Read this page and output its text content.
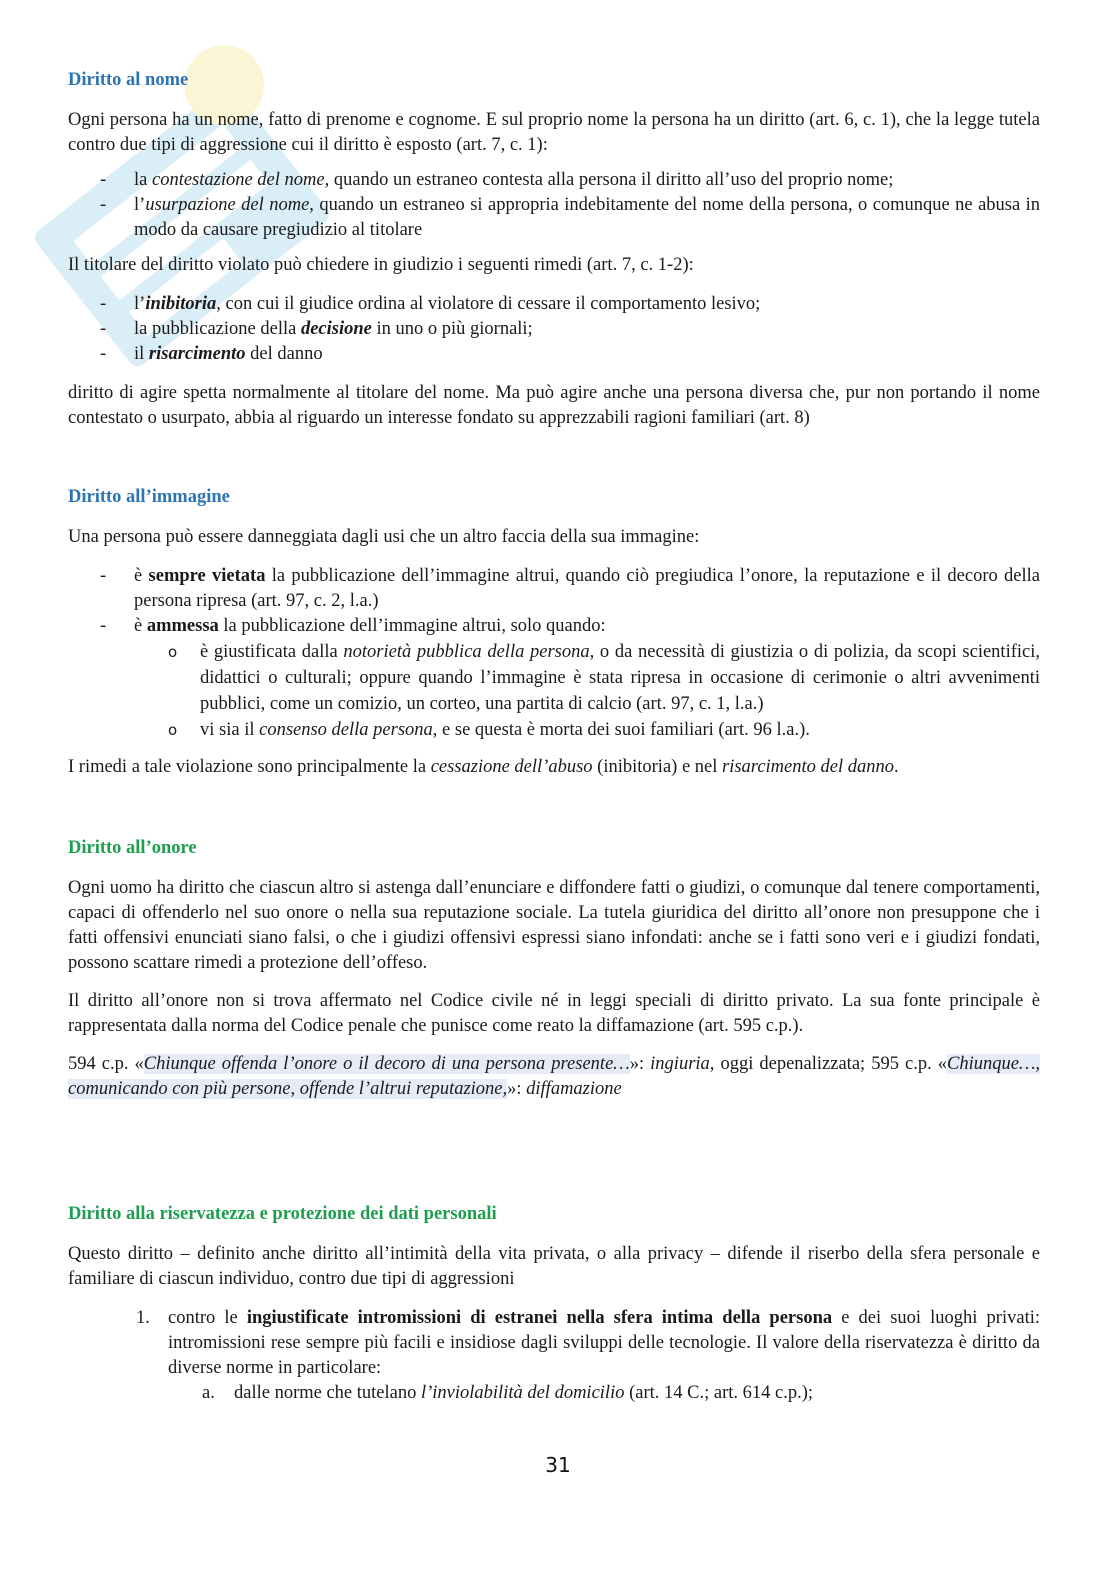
Diritto al nome

Ogni persona ha un nome, fatto di prenome e cognome. E sul proprio nome la persona ha un diritto (art. 6, c. 1), che la legge tutela contro due tipi di aggressione cui il diritto è esposto (art. 7, c. 1):

- la contestazione del nome, quando un estraneo contesta alla persona il diritto all’uso del proprio nome;
- l’usurpazione del nome, quando un estraneo si appropria indebitamente del nome della persona, o comunque ne abusa in modo da causare pregiudizio al titolare

Il titolare del diritto violato può chiedere in giudizio i seguenti rimedi (art. 7, c. 1-2):

- l’inibitoria, con cui il giudice ordina al violatore di cessare il comportamento lesivo;
- la pubblicazione della decisione in uno o più giornali;
- il risarcimento del danno

diritto di agire spetta normalmente al titolare del nome. Ma può agire anche una persona diversa che, pur non portando il nome contestato o usurpato, abbia al riguardo un interesse fondato su apprezzabili ragioni familiari (art. 8)

Diritto all’immagine

Una persona può essere danneggiata dagli usi che un altro faccia della sua immagine:

- è sempre vietata la pubblicazione dell’immagine altrui, quando ciò pregiudica l’onore, la reputazione e il decoro della persona ripresa (art. 97, c. 2, l.a.)
- è ammessa la pubblicazione dell’immagine altrui, solo quando:
o è giustificata dalla notorietà pubblica della persona, o da necessità di giustizia o di polizia, da scopi scientifici, didattici o culturali; oppure quando l’immagine è stata ripresa in occasione di cerimonie o altri avvenimenti pubblici, come un comizio, un corteo, una partita di calcio (art. 97, c. 1, l.a.)
o vi sia il consenso della persona, e se questa è morta dei suoi familiari (art. 96 l.a.).

I rimedi a tale violazione sono principalmente la cessazione dell’abuso (inibitoria) e nel risarcimento del danno.

Diritto all’onore

Ogni uomo ha diritto che ciascun altro si astenga dall’enunciare e diffondere fatti o giudizi, o comunque dal tenere comportamenti, capaci di offenderlo nel suo onore o nella sua reputazione sociale. La tutela giuridica del diritto all’onore non presuppone che i fatti offensivi enunciati siano falsi, o che i giudizi offensivi espressi siano infondati: anche se i fatti sono veri e i giudizi fondati, possono scattare rimedi a protezione dell’offeso.

Il diritto all’onore non si trova affermato nel Codice civile né in leggi speciali di diritto privato. La sua fonte principale è rappresentata dalla norma del Codice penale che punisce come reato la diffamazione (art. 595 c.p.).

594 c.p. «Chiunque offenda l’onore o il decoro di una persona presente…»: ingiuria, oggi depenalizzata; 595 c.p. «Chiunque…, comunicando con più persone, offende l’altrui reputazione,»: diffamazione

Diritto alla riservatezza e protezione dei dati personali

Questo diritto – definito anche diritto all’intimità della vita privata, o alla privacy – difende il riserbo della sfera personale e familiare di ciascun individuo, contro due tipi di aggressioni

1. contro le ingiustificate intromissioni di estranei nella sfera intima della persona e dei suoi luoghi privati: intromissioni rese sempre più facili e insidiose dagli sviluppi delle tecnologie. Il valore della riservatezza è diritto da diverse norme in particolare:
a. dalle norme che tutelano l’inviolabilità del domicilio (art. 14 C.; art. 614 c.p.);
31
